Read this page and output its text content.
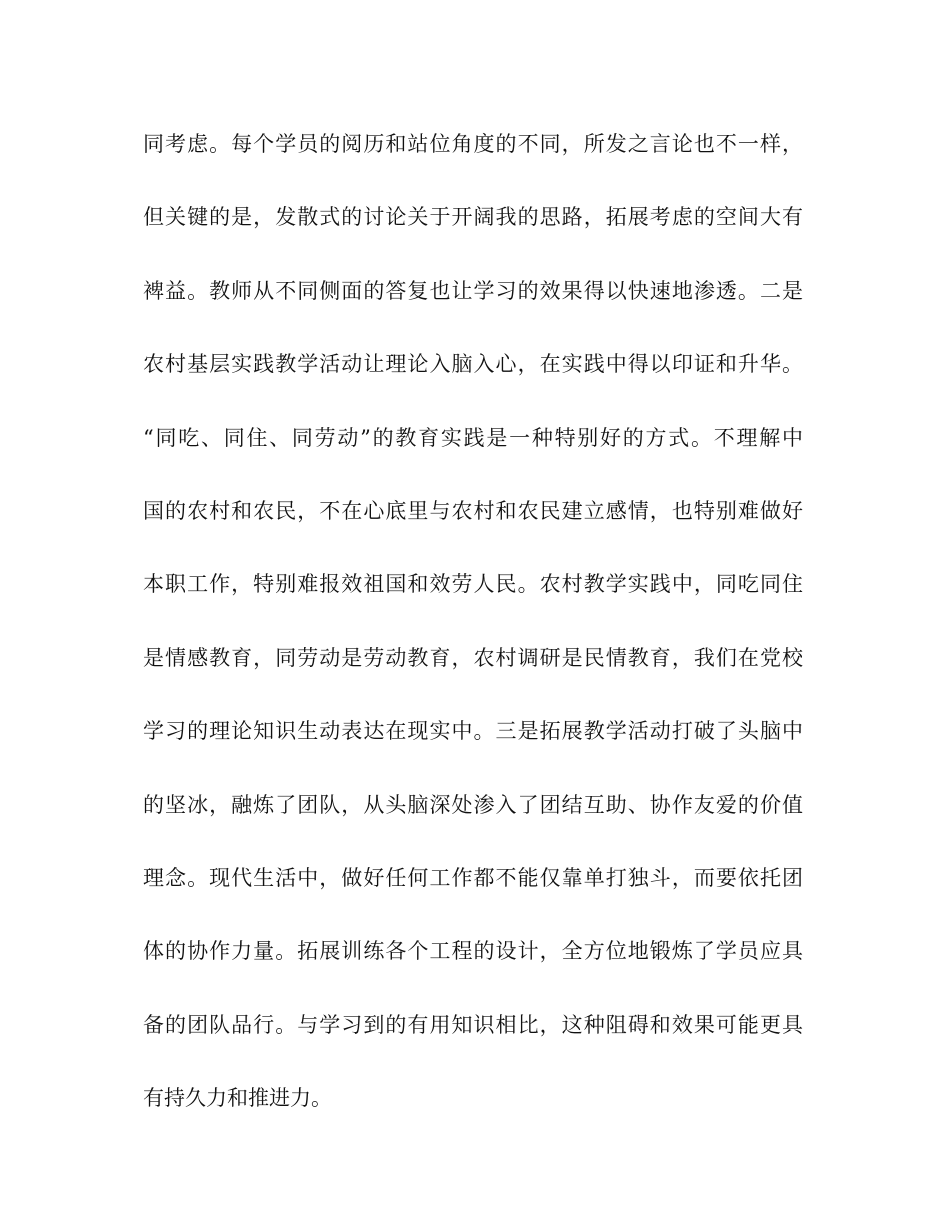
同考虑。每个学员的阅历和站位角度的不同，所发之言论也不一样，
但关键的是，发散式的讨论关于开阔我的思路，拓展考虑的空间大有
裨益。教师从不同侧面的答复也让学习的效果得以快速地渗透。二是
农村基层实践教学活动让理论入脑入心，在实践中得以印证和升华。
“同吃、同住、同劳动”的教育实践是一种特别好的方式。不理解中
国的农村和农民，不在心底里与农村和农民建立感情，也特别难做好
本职工作，特别难报效祖国和效劳人民。农村教学实践中，同吃同住
是情感教育，同劳动是劳动教育，农村调研是民情教育，我们在党校
学习的理论知识生动表达在现实中。三是拓展教学活动打破了头脑中
的坚冰，融炼了团队，从头脑深处渗入了团结互助、协作友爱的价值
理念。现代生活中，做好任何工作都不能仅靠单打独斗，而要依托团
体的协作力量。拓展训练各个工程的设计，全方位地锻炼了学员应具
备的团队品行。与学习到的有用知识相比，这种阻碍和效果可能更具
有持久力和推进力。
